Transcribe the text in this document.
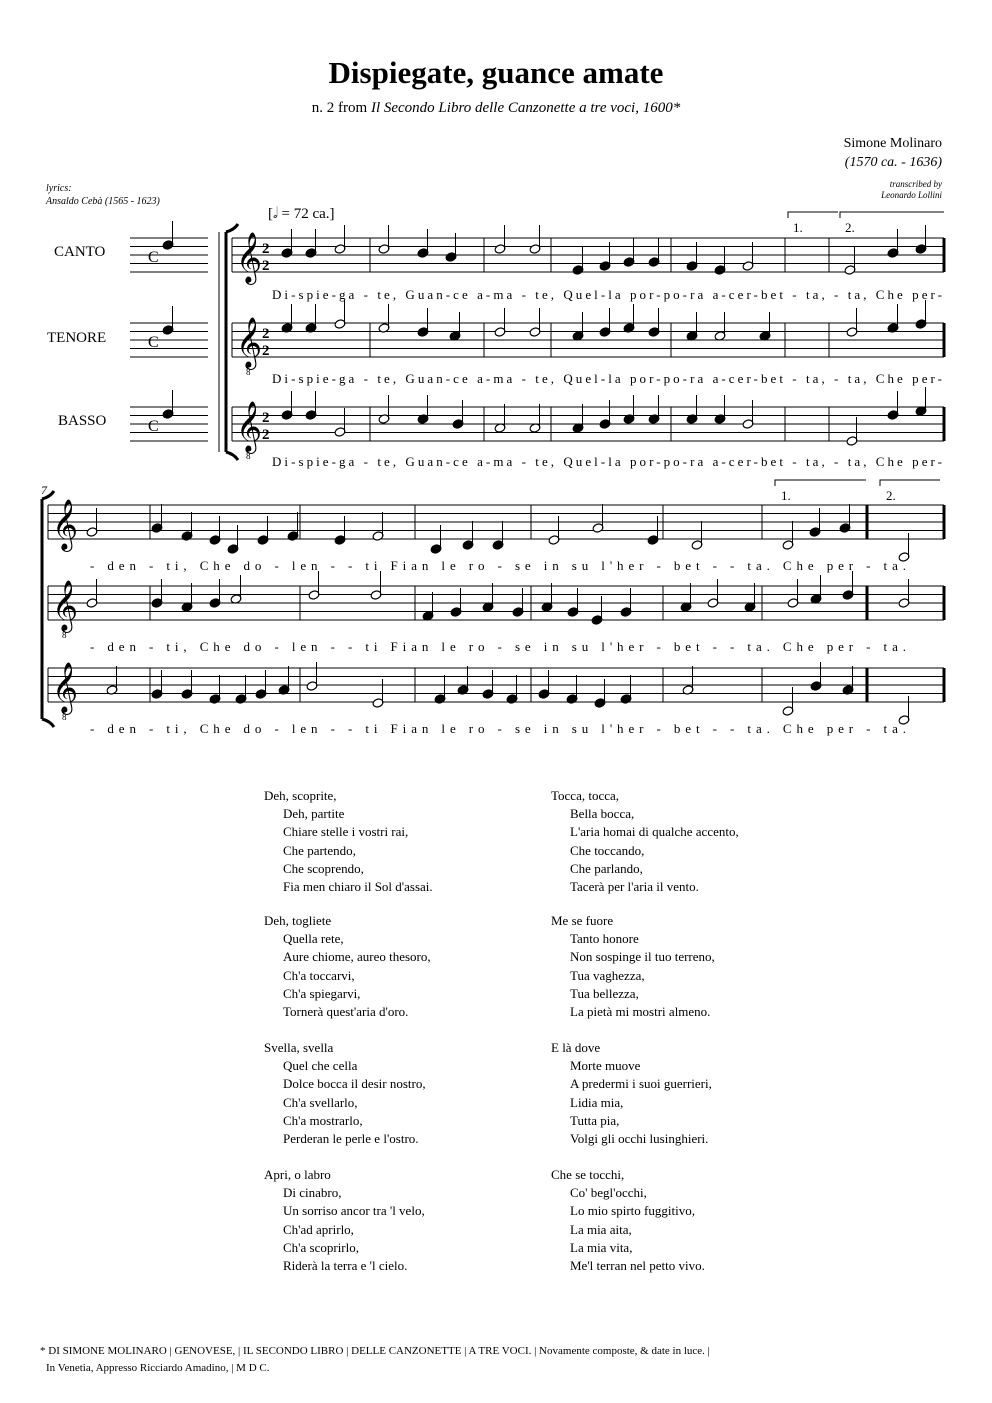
Dispiegate, guance amate
n. 2 from Il Secondo Libro delle Canzonette a tre voci, 1600*
Simone Molinaro
(1570 ca. - 1636)
transcribed by
Leonardo Lollini
lyrics:
Ansaldo Cebà (1565 - 1623)
[𝅗𝅥 = 72 ca.]
CANTO
TENORE
BASSO
𝄞
𝄞
𝄞
𝄞
𝄞
𝄞
8
8
8
8
2
2
2
2
2
2
C
C
C
7
1.	2.
1.	2.
Di-spie-ga - te, Guan-ce a-ma - te, Quel-la por-po-ra a-cer-bet - ta, - ta, Che per-
Di-spie-ga - te, Guan-ce a-ma - te, Quel-la por-po-ra a-cer-bet - ta, - ta, Che per-
Di-spie-ga - te, Guan-ce a-ma - te, Quel-la por-po-ra a-cer-bet - ta, - ta, Che per-
- den - ti, Che do - len - - ti Fian le ro - se in su l'her - bet - - ta. Che per - ta.
- den - ti, Che do - len - - ti Fian le ro - se in su l'her - bet - - ta. Che per - ta.
- den - ti, Che do - len - - ti Fian le ro - se in su l'her - bet - - ta. Che per - ta.
Deh, scoprite,
Deh, partite
Chiare stelle i vostri rai,
Che partendo,
Che scoprendo,
Fia men chiaro il Sol d'assai.
Deh, togliete
Quella rete,
Aure chiome, aureo thesoro,
Ch'a toccarvi,
Ch'a spiegarvi,
Tornerà quest'aria d'oro.
Svella, svella
Quel che cella
Dolce bocca il desir nostro,
Ch'a svellarlo,
Ch'a mostrarlo,
Perderan le perle e l'ostro.
Apri, o labro
Di cinabro,
Un sorriso ancor tra 'l velo,
Ch'ad aprirlo,
Ch'a scoprirlo,
Riderà la terra e 'l cielo.
Tocca, tocca,
Bella bocca,
L'aria homai di qualche accento,
Che toccando,
Che parlando,
Tacerà per l'aria il vento.
Me se fuore
Tanto honore
Non sospinge il tuo terreno,
Tua vaghezza,
Tua bellezza,
La pietà mi mostri almeno.
E là dove
Morte muove
A predermi i suoi guerrieri,
Lidia mia,
Tutta pia,
Volgi gli occhi lusinghieri.
Che se tocchi,
Co' begl'occhi,
Lo mio spirto fuggitivo,
La mia aita,
La mia vita,
Me'l terran nel petto vivo.
* DI SIMONE MOLINARO | GENOVESE, | IL SECONDO LIBRO | DELLE CANZONETTE | A TRE VOCI. | Novamente composte, & date in luce. |
In Venetia, Appresso Ricciardo Amadino, | M D C.
